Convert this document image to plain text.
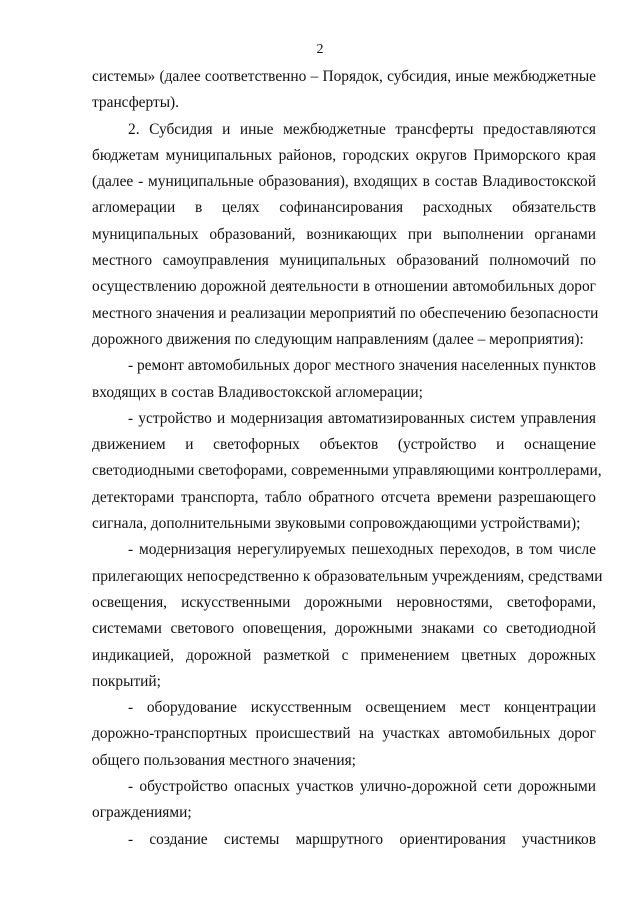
2
системы» (далее соответственно – Порядок, субсидия, иные межбюджетные
трансферты).
2. Субсидия и иные межбюджетные трансферты предоставляются
бюджетам муниципальных районов, городских округов Приморского края
(далее - муниципальные образования), входящих в состав Владивостокской
агломерации в целях софинансирования расходных обязательств
муниципальных образований, возникающих при выполнении органами
местного самоуправления муниципальных образований полномочий по
осуществлению дорожной деятельности в отношении автомобильных дорог
местного значения и реализации мероприятий по обеспечению безопасности
дорожного движения по следующим направлениям (далее – мероприятия):
- ремонт автомобильных дорог местного значения населенных пунктов
входящих в состав Владивостокской агломерации;
- устройство и модернизация автоматизированных систем управления
движением и светофорных объектов (устройство и оснащение
светодиодными светофорами, современными управляющими контроллерами,
детекторами транспорта, табло обратного отсчета времени разрешающего
сигнала, дополнительными звуковыми сопровождающими устройствами);
- модернизация нерегулируемых пешеходных переходов, в том числе
прилегающих непосредственно к образовательным учреждениям, средствами
освещения, искусственными дорожными неровностями, светофорами,
системами светового оповещения, дорожными знаками со светодиодной
индикацией, дорожной разметкой с применением цветных дорожных
покрытий;
- оборудование искусственным освещением мест концентрации
дорожно-транспортных происшествий на участках автомобильных дорог
общего пользования местного значения;
- обустройство опасных участков улично-дорожной сети дорожными
ограждениями;
- создание системы маршрутного ориентирования участников
